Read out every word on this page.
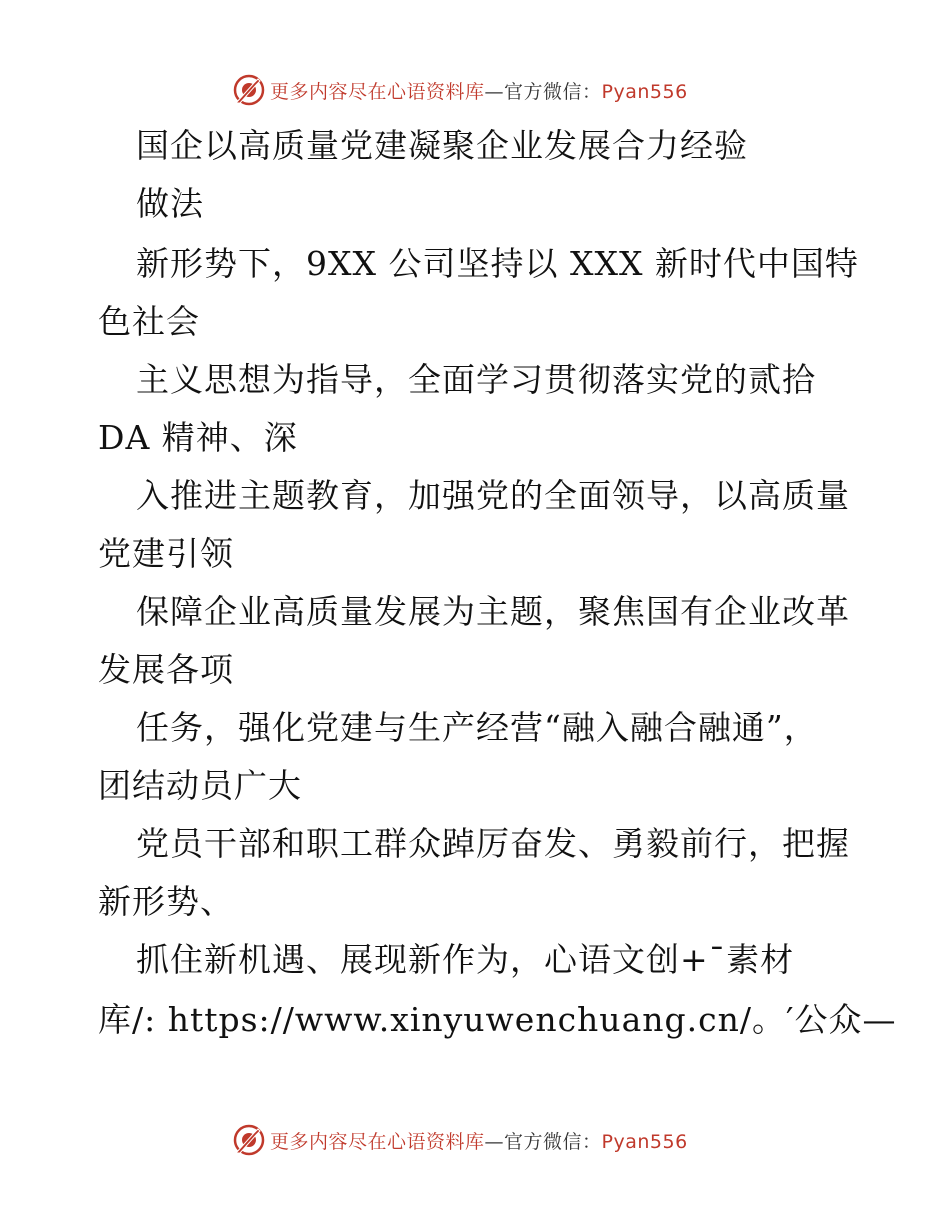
更多内容尽在心语资料库—官方微信：Pyan556
国企以高质量党建凝聚企业发展合力经验
做法
新形势下，9XX 公司坚持以 XXX 新时代中国特
色社会
主义思想为指导，全面学习贯彻落实党的贰拾
DA 精神、深
入推进主题教育，加强党的全面领导，以高质量
党建引领
保障企业高质量发展为主题，聚焦国有企业改革
发展各项
任务，强化党建与生产经营“融入融合融通”，
团结动员广大
党员干部和职工群众踔厉奋发、勇毅前行，把握
新形势、
抓住新机遇、展现新作为，心语文创+¯素材
库/: https://www.xinyuwenchuang.cn/。′公众—
更多内容尽在心语资料库—官方微信：Pyan556
